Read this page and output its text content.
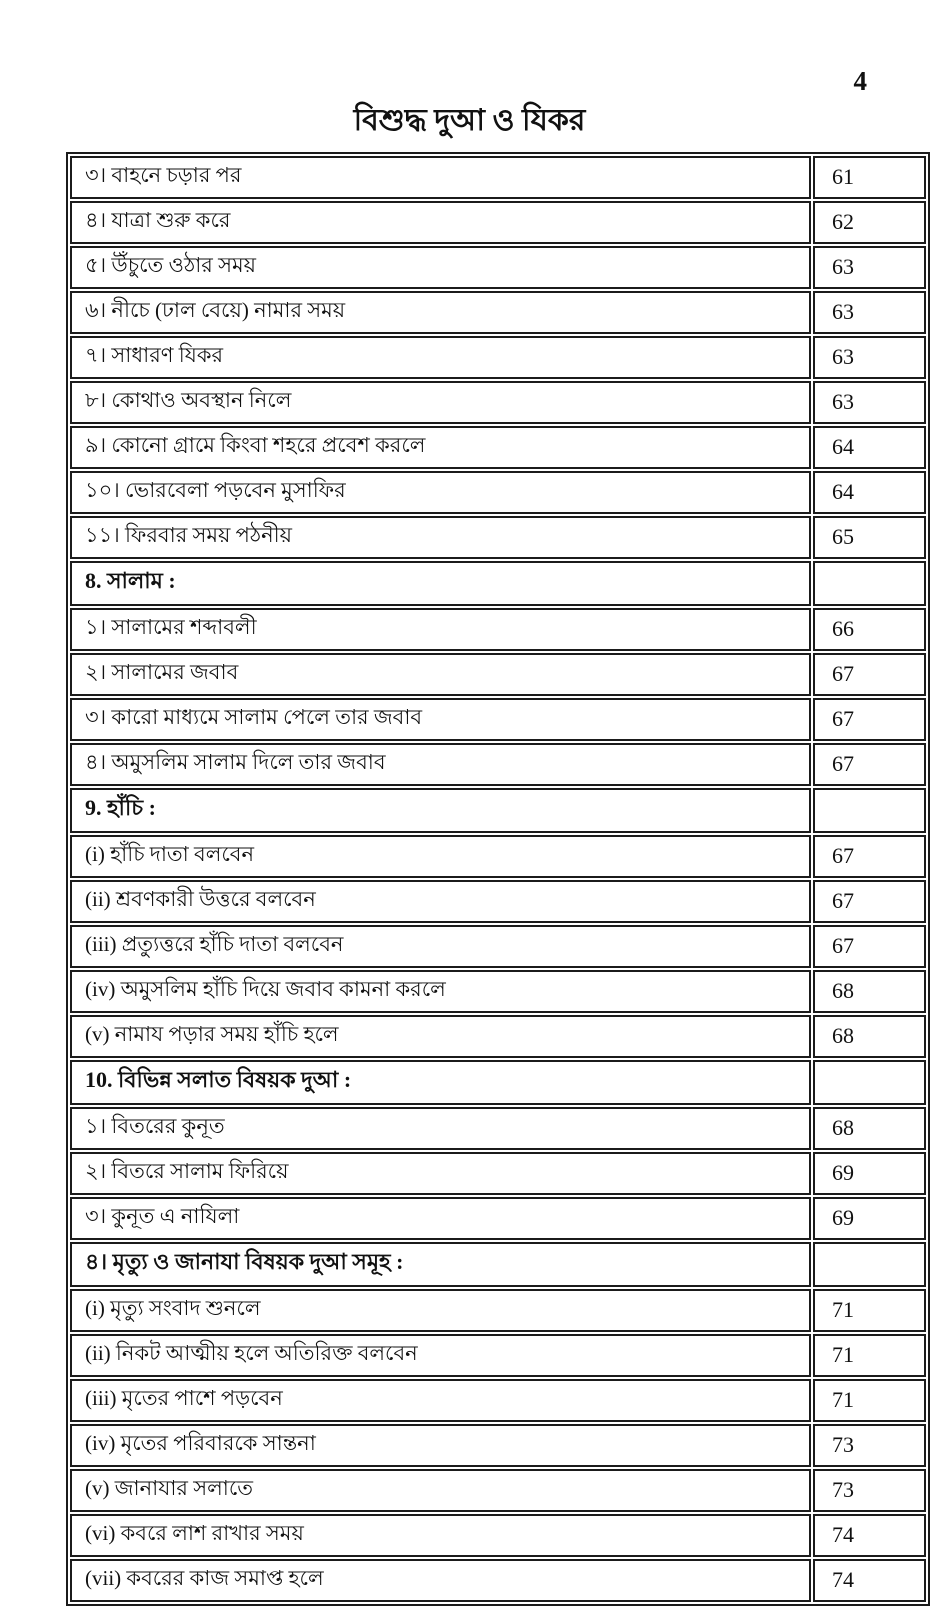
4
বিশুদ্ধ দুআ ও যিকর
৩। বাহনে চড়ার পর	61
৪। যাত্রা শুরু করে	62
৫। উঁচুতে ওঠার সময়	63
৬। নীচে (ঢাল বেয়ে) নামার সময়	63
৭। সাধারণ যিকর	63
৮। কোথাও অবস্থান নিলে	63
৯। কোনো গ্রামে কিংবা শহরে প্রবেশ করলে	64
১০। ভোরবেলা পড়বেন মুসাফির	64
১১। ফিরবার সময় পঠনীয়	65
8. সালাম :	
১। সালামের শব্দাবলী	66
২। সালামের জবাব	67
৩। কারো মাধ্যমে সালাম পেলে তার জবাব	67
৪। অমুসলিম সালাম দিলে তার জবাব	67
9. হাঁচি :	
(i) হাঁচি দাতা বলবেন	67
(ii) শ্রবণকারী উত্তরে বলবেন	67
(iii) প্রত্যুত্তরে হাঁচি দাতা বলবেন	67
(iv) অমুসলিম হাঁচি দিয়ে জবাব কামনা করলে	68
(v) নামায পড়ার সময় হাঁচি হলে	68
10. বিভিন্ন সলাত বিষয়ক দুআ :	
১। বিতরের কুনূত	68
২। বিতরে সালাম ফিরিয়ে	69
৩। কুনূত এ নাযিলা	69
৪। মৃত্যু ও জানাযা বিষয়ক দুআ সমূহ :	
(i) মৃত্যু সংবাদ শুনলে	71
(ii) নিকট আত্মীয় হলে অতিরিক্ত বলবেন	71
(iii) মৃতের পাশে পড়বেন	71
(iv) মৃতের পরিবারকে সান্তনা	73
(v) জানাযার সলাতে	73
(vi) কবরে লাশ রাখার সময়	74
(vii) কবরের কাজ সমাপ্ত হলে	74
